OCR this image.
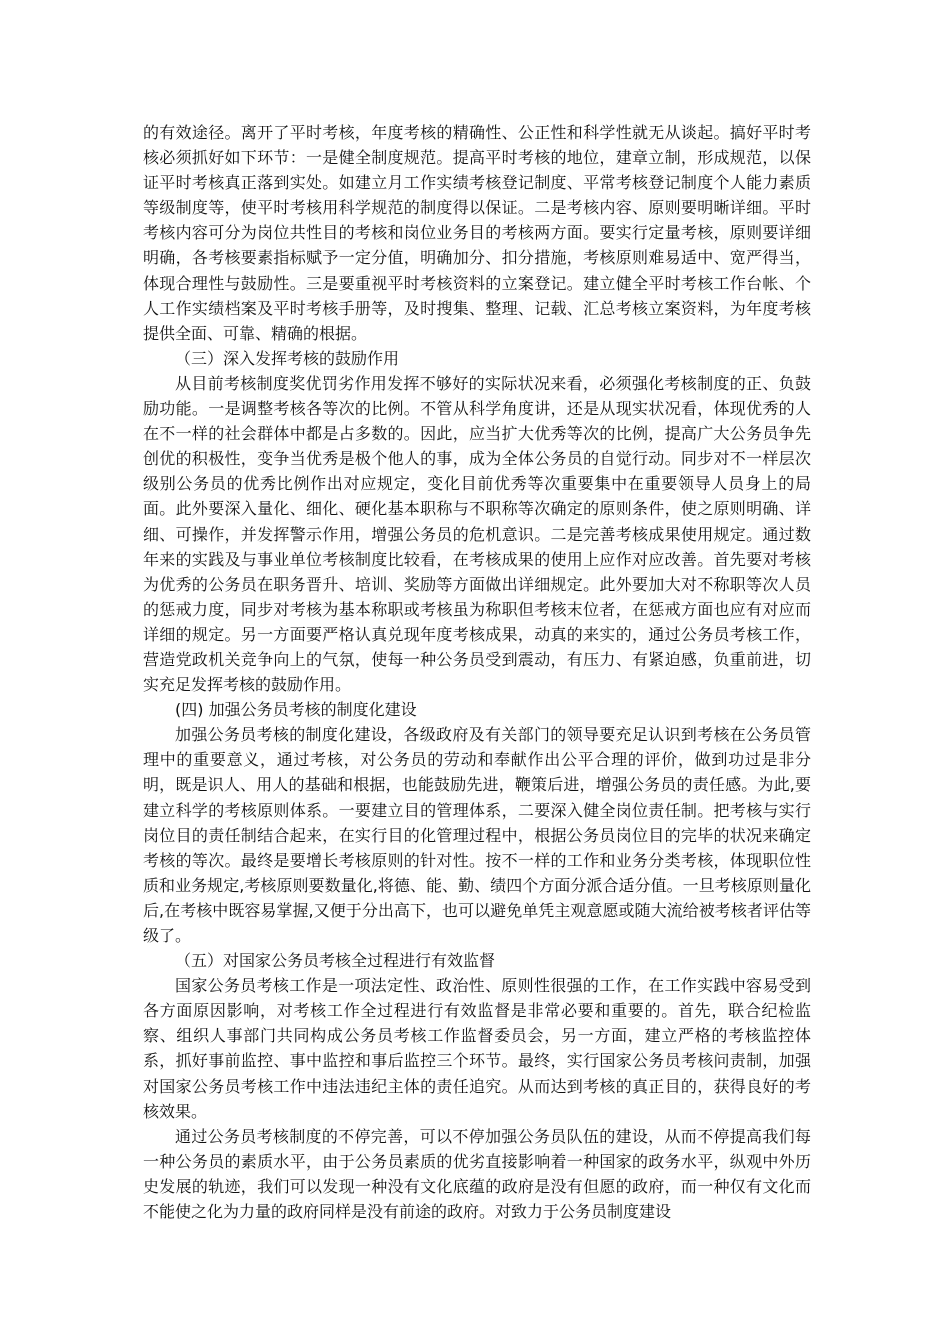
的有效途径。离开了平时考核，年度考核的精确性、公正性和科学性就无从谈起。搞好平时考核必须抓好如下环节：一是健全制度规范。提高平时考核的地位，建章立制，形成规范，以保证平时考核真正落到实处。如建立月工作实绩考核登记制度、平常考核登记制度个人能力素质等级制度等，使平时考核用科学规范的制度得以保证。二是考核内容、原则要明晰详细。平时考核内容可分为岗位共性目的考核和岗位业务目的考核两方面。要实行定量考核，原则要详细明确，各考核要素指标赋予一定分值，明确加分、扣分措施，考核原则难易适中、宽严得当，体现合理性与鼓励性。三是要重视平时考核资料的立案登记。建立健全平时考核工作台帐、个人工作实绩档案及平时考核手册等，及时搜集、整理、记载、汇总考核立案资料，为年度考核提供全面、可靠、精确的根据。

（三）深入发挥考核的鼓励作用

从目前考核制度奖优罚劣作用发挥不够好的实际状况来看，必须强化考核制度的正、负鼓励功能。一是调整考核各等次的比例。不管从科学角度讲，还是从现实状况看，体现优秀的人在不一样的社会群体中都是占多数的。因此，应当扩大优秀等次的比例，提高广大公务员争先创优的积极性，变争当优秀是极个他人的事，成为全体公务员的自觉行动。同步对不一样层次级别公务员的优秀比例作出对应规定，变化目前优秀等次重要集中在重要领导人员身上的局面。此外要深入量化、细化、硬化基本职称与不职称等次确定的原则条件，使之原则明确、详细、可操作，并发挥警示作用，增强公务员的危机意识。二是完善考核成果使用规定。通过数年来的实践及与事业单位考核制度比较看，在考核成果的使用上应作对应改善。首先要对考核为优秀的公务员在职务晋升、培训、奖励等方面做出详细规定。此外要加大对不称职等次人员的惩戒力度，同步对考核为基本称职或考核虽为称职但考核末位者，在惩戒方面也应有对应而详细的规定。另一方面要严格认真兑现年度考核成果，动真的来实的，通过公务员考核工作，营造党政机关竞争向上的气氛，使每一种公务员受到震动，有压力、有紧迫感，负重前进，切实充足发挥考核的鼓励作用。

(四) 加强公务员考核的制度化建设

加强公务员考核的制度化建设，各级政府及有关部门的领导要充足认识到考核在公务员管理中的重要意义，通过考核，对公务员的劳动和奉献作出公平合理的评价，做到功过是非分明，既是识人、用人的基础和根据，也能鼓励先进，鞭策后进，增强公务员的责任感。为此,要建立科学的考核原则体系。一要建立目的管理体系，二要深入健全岗位责任制。把考核与实行岗位目的责任制结合起来，在实行目的化管理过程中，根据公务员岗位目的完毕的状况来确定考核的等次。最终是要增长考核原则的针对性。按不一样的工作和业务分类考核，体现职位性质和业务规定,考核原则要数量化,将德、能、勤、绩四个方面分派合适分值。一旦考核原则量化后,在考核中既容易掌握,又便于分出高下，也可以避免单凭主观意愿或随大流给被考核者评估等级了。

（五）对国家公务员考核全过程进行有效监督

国家公务员考核工作是一项法定性、政治性、原则性很强的工作，在工作实践中容易受到各方面原因影响，对考核工作全过程进行有效监督是非常必要和重要的。首先，联合纪检监察、组织人事部门共同构成公务员考核工作监督委员会，另一方面，建立严格的考核监控体系，抓好事前监控、事中监控和事后监控三个环节。最终，实行国家公务员考核问责制，加强对国家公务员考核工作中违法违纪主体的责任追究。从而达到考核的真正目的，获得良好的考核效果。

通过公务员考核制度的不停完善，可以不停加强公务员队伍的建设，从而不停提高我们每一种公务员的素质水平，由于公务员素质的优劣直接影响着一种国家的政务水平，纵观中外历史发展的轨迹，我们可以发现一种没有文化底蕴的政府是没有但愿的政府，而一种仅有文化而不能使之化为力量的政府同样是没有前途的政府。对致力于公务员制度建设
